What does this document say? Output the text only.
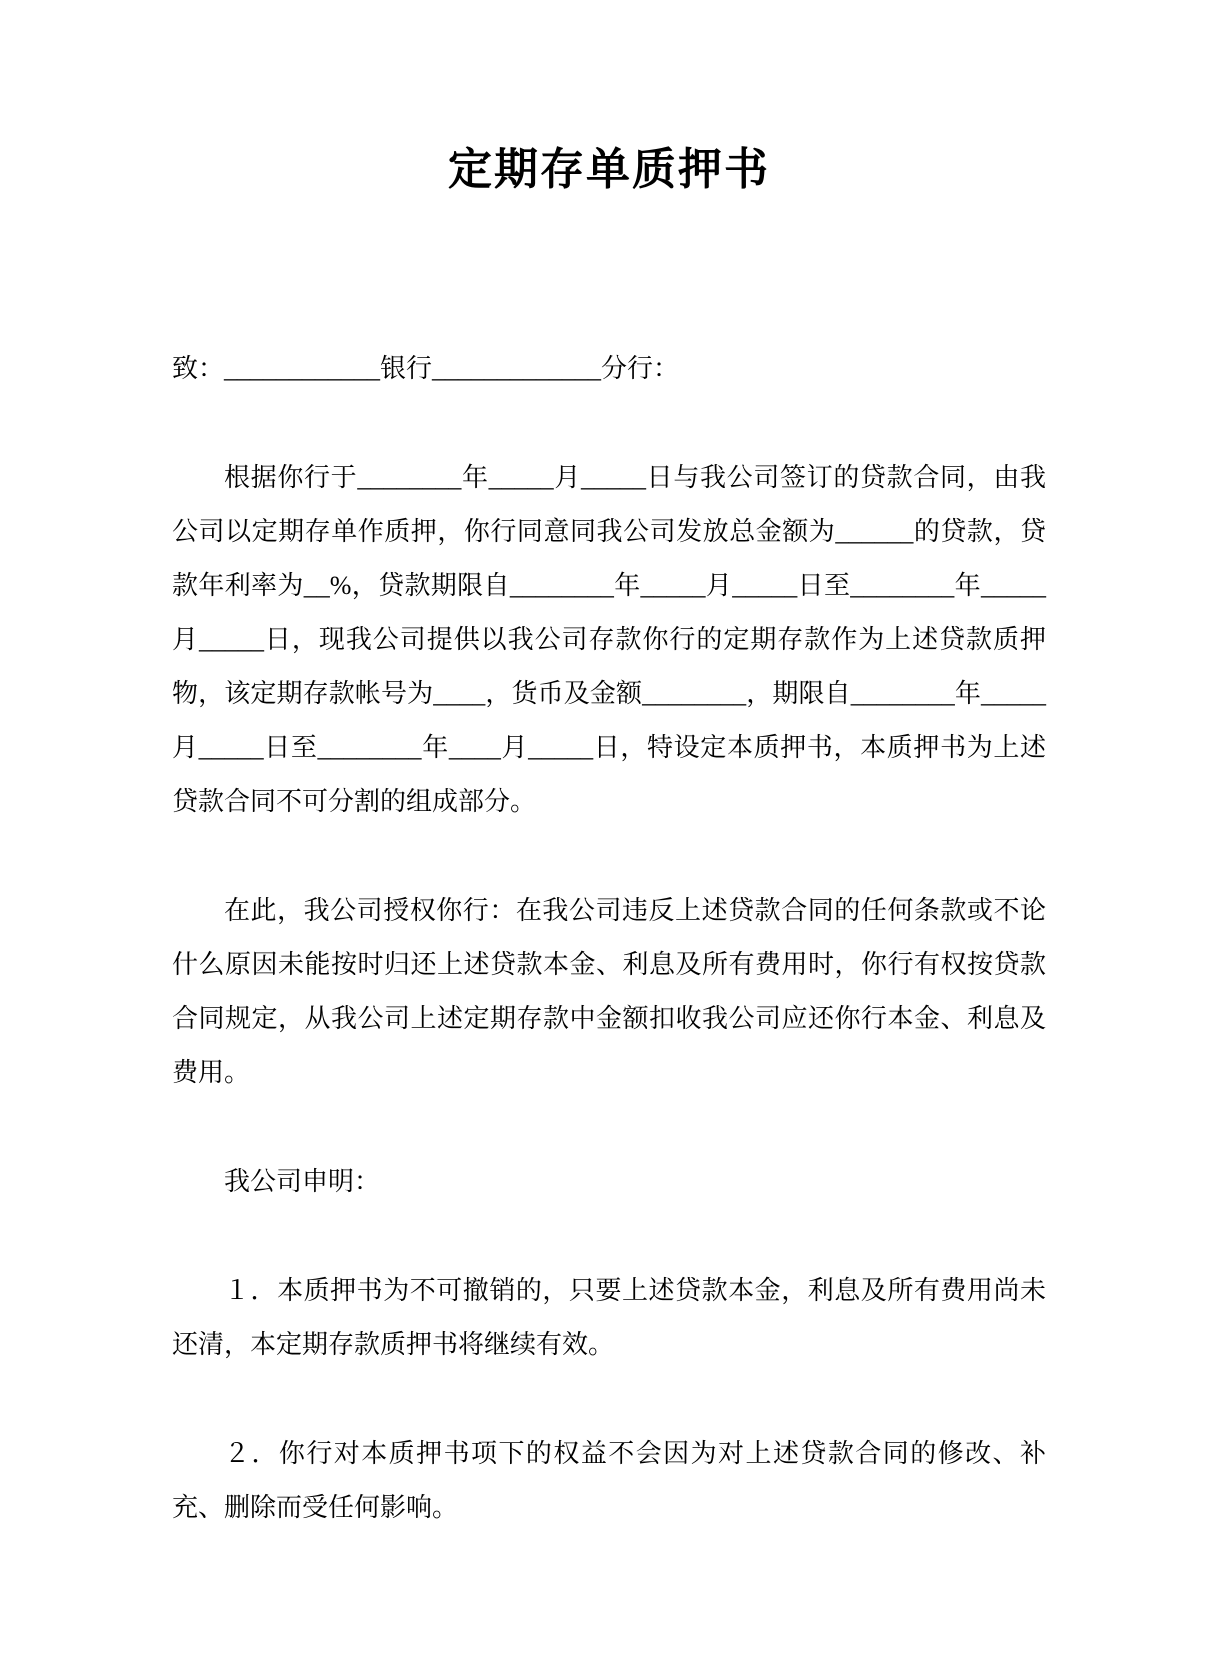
定期存单质押书

致：____________银行_____________分行：

根据你行于________年_____月_____日与我公司签订的贷款合同，由我公司以定期存单作质押，你行同意同我公司发放总金额为______的贷款，贷款年利率为__%，贷款期限自________年_____月_____日至________年_____月_____日，现我公司提供以我公司存款你行的定期存款作为上述贷款质押物，该定期存款帐号为____，货币及金额________，期限自________年_____月_____日至________年____月_____日，特设定本质押书，本质押书为上述贷款合同不可分割的组成部分。

在此，我公司授权你行：在我公司违反上述贷款合同的任何条款或不论什么原因未能按时归还上述贷款本金、利息及所有费用时，你行有权按贷款合同规定，从我公司上述定期存款中金额扣收我公司应还你行本金、利息及费用。

我公司申明：

１．本质押书为不可撤销的，只要上述贷款本金，利息及所有费用尚未还清，本定期存款质押书将继续有效。

２．你行对本质押书项下的权益不会因为对上述贷款合同的修改、补充、删除而受任何影响。
